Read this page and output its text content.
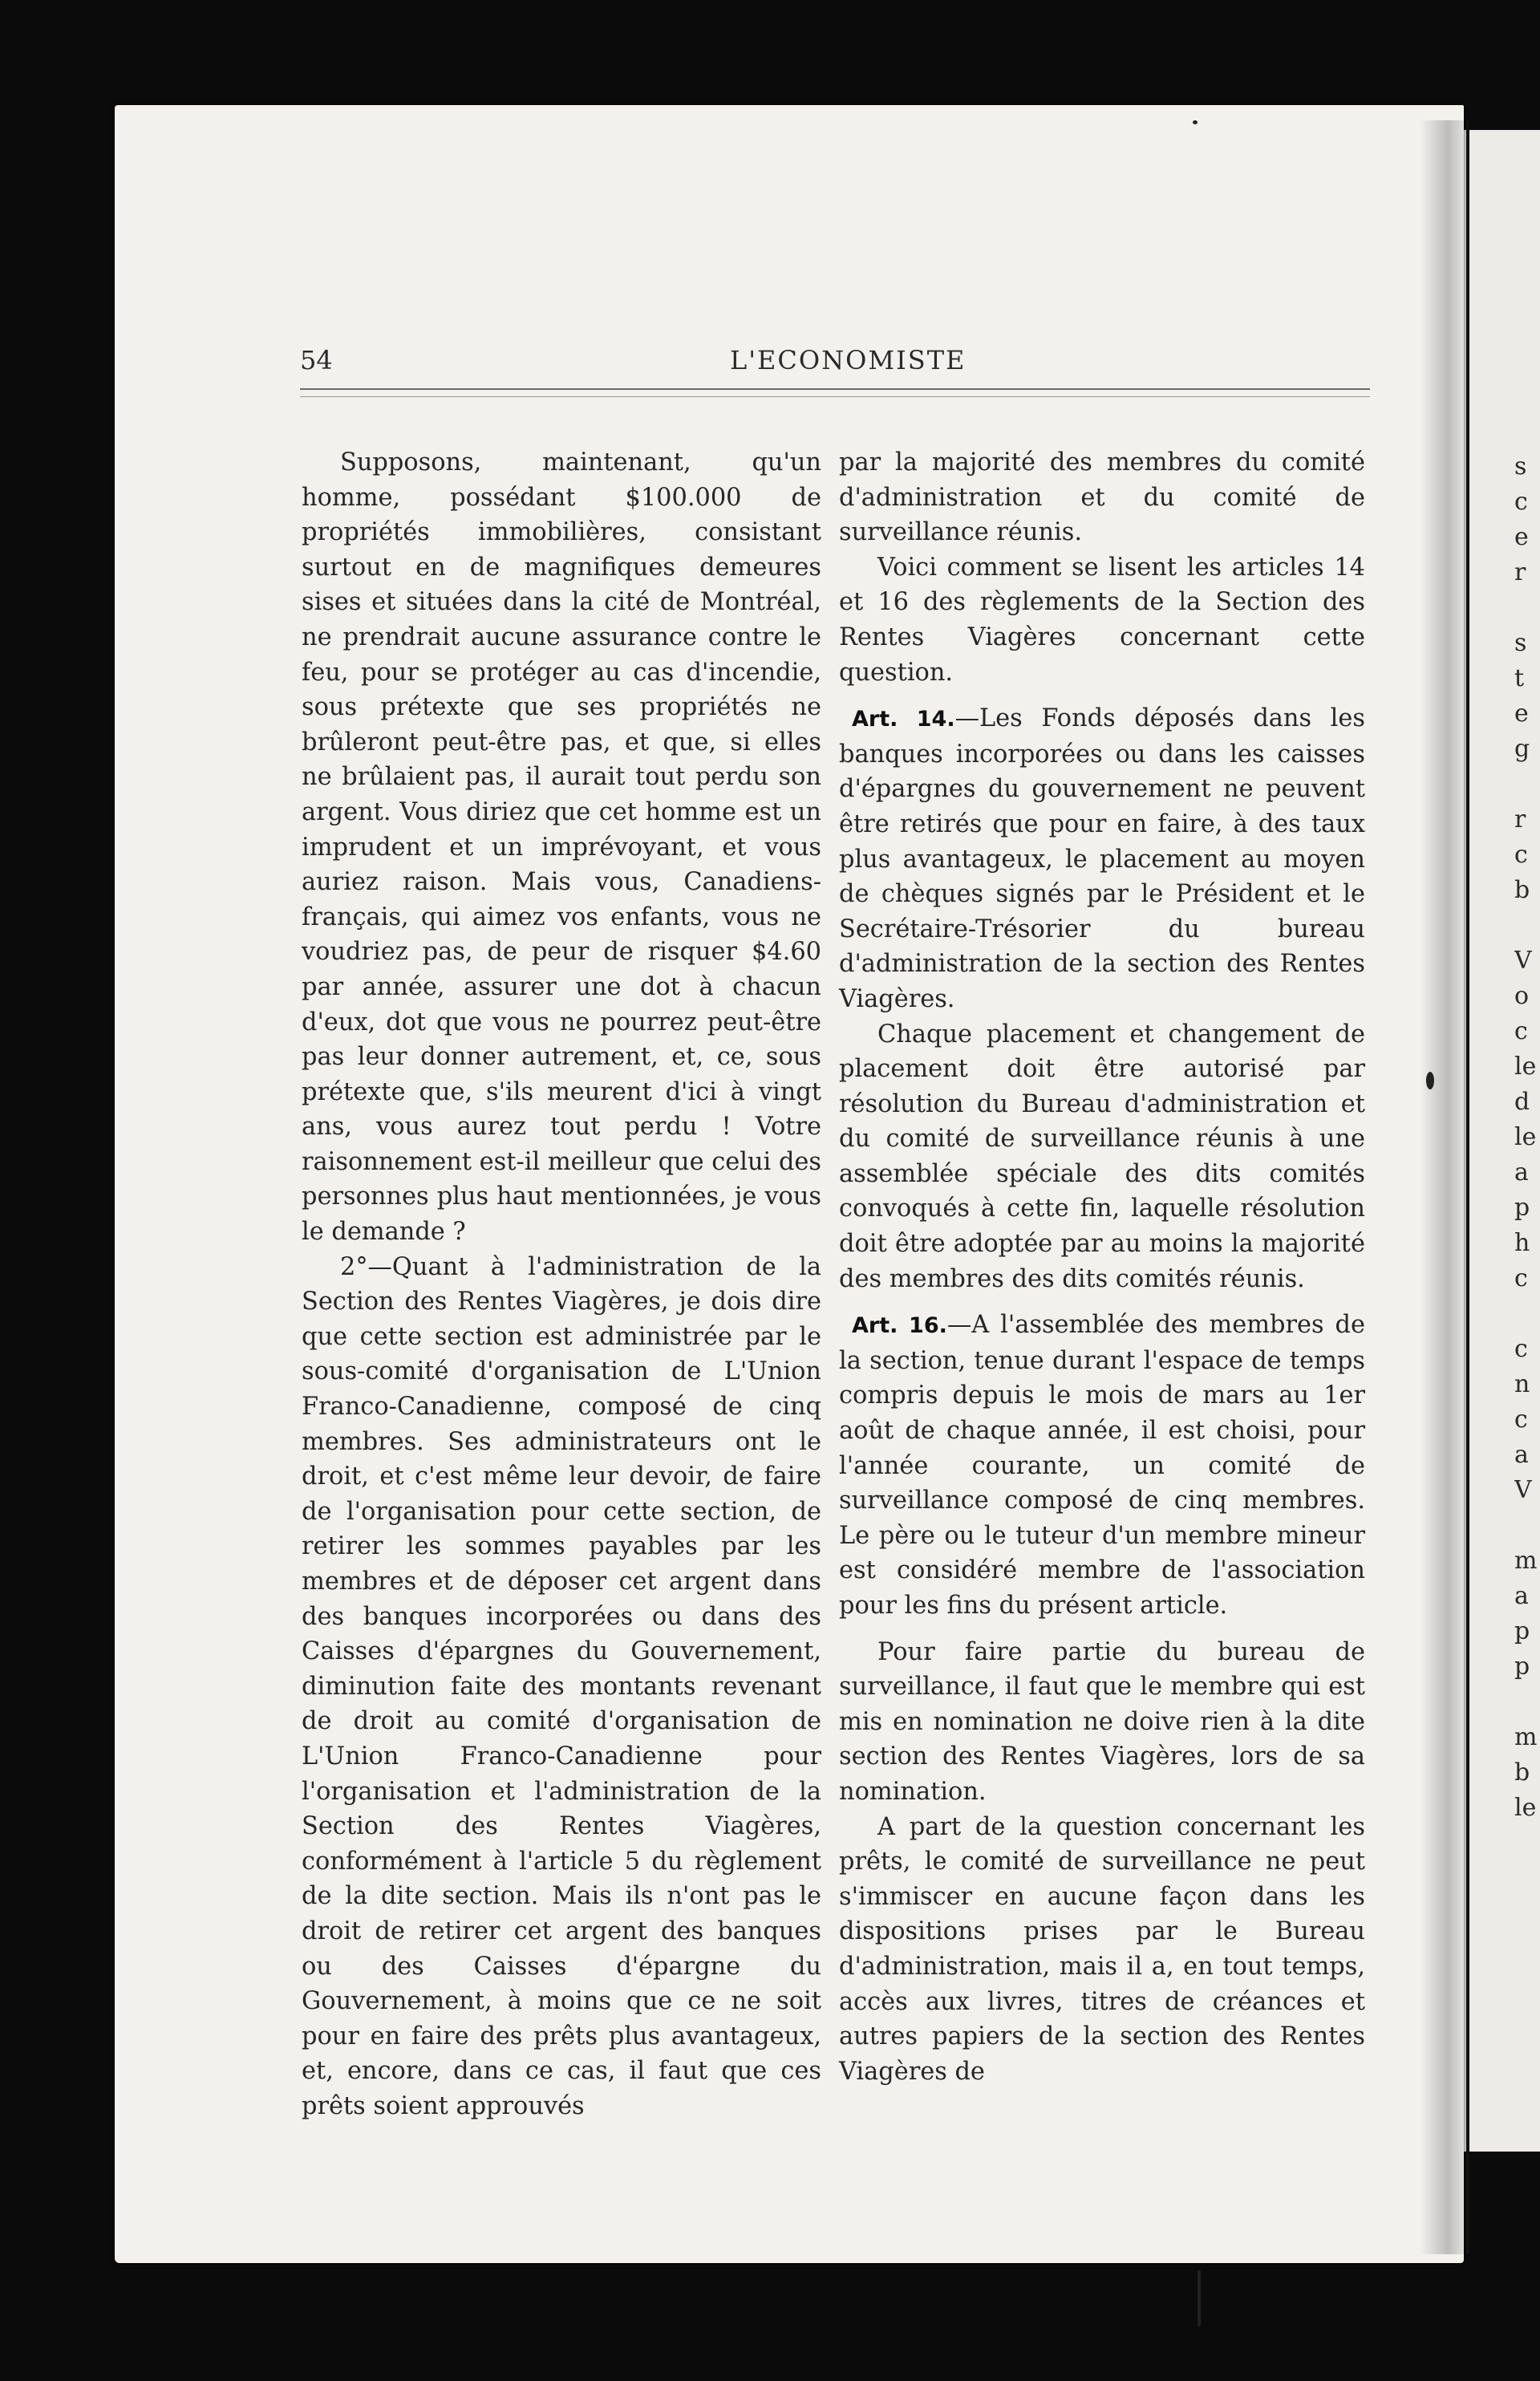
54	L'ECONOMISTE

Supposons, maintenant, qu'un homme, possédant $100.000 de propriétés immobilières, consistant surtout en de magnifiques demeures sises et situées dans la cité de Montréal, ne prendrait aucune assurance contre le feu, pour se protéger au cas d'incendie, sous prétexte que ses propriétés ne brûleront peut-être pas, et que, si elles ne brûlaient pas, il aurait tout perdu son argent. Vous diriez que cet homme est un imprudent et un imprévoyant, et vous auriez raison. Mais vous, Canadiens-français, qui aimez vos enfants, vous ne voudriez pas, de peur de risquer $4.60 par année, assurer une dot à chacun d'eux, dot que vous ne pourrez peut-être pas leur donner autrement, et, ce, sous prétexte que, s'ils meurent d'ici à vingt ans, vous aurez tout perdu ! Votre raisonnement est-il meilleur que celui des personnes plus haut mentionnées, je vous le demande ?

2°—Quant à l'administration de la Section des Rentes Viagères, je dois dire que cette section est administrée par le sous-comité d'organisation de L'Union Franco-Canadienne, composé de cinq membres. Ses administrateurs ont le droit, et c'est même leur devoir, de faire de l'organisation pour cette section, de retirer les sommes payables par les membres et de déposer cet argent dans des banques incorporées ou dans des Caisses d'épargnes du Gouvernement, diminution faite des montants revenant de droit au comité d'organisation de L'Union Franco-Canadienne pour l'organisation et l'administration de la Section des Rentes Viagères, conformément à l'article 5 du règlement de la dite section. Mais ils n'ont pas le droit de retirer cet argent des banques ou des Caisses d'épargne du Gouvernement, à moins que ce ne soit pour en faire des prêts plus avantageux, et, encore, dans ce cas, il faut que ces prêts soient approuvés

par la majorité des membres du comité d'administration et du comité de surveillance réunis.

Voici comment se lisent les articles 14 et 16 des règlements de la Section des Rentes Viagères concernant cette question.

Art. 14.—Les Fonds déposés dans les banques incorporées ou dans les caisses d'épargnes du gouvernement ne peuvent être retirés que pour en faire, à des taux plus avantageux, le placement au moyen de chèques signés par le Président et le Secrétaire-Trésorier du bureau d'administration de la section des Rentes Viagères.

Chaque placement et changement de placement doit être autorisé par résolution du Bureau d'administration et du comité de surveillance réunis à une assemblée spéciale des dits comités convoqués à cette fin, laquelle résolution doit être adoptée par au moins la majorité des membres des dits comités réunis.

Art. 16.—A l'assemblée des membres de la section, tenue durant l'espace de temps compris depuis le mois de mars au 1er août de chaque année, il est choisi, pour l'année courante, un comité de surveillance composé de cinq membres. Le père ou le tuteur d'un membre mineur est considéré membre de l'association pour les fins du présent article.

Pour faire partie du bureau de surveillance, il faut que le membre qui est mis en nomination ne doive rien à la dite section des Rentes Viagères, lors de sa nomination.

A part de la question concernant les prêts, le comité de surveillance ne peut s'immiscer en aucune façon dans les dispositions prises par le Bureau d'administration, mais il a, en tout temps, accès aux livres, titres de créances et autres papiers de la section des Rentes Viagères de

s
c
e
r
s
t
e
g
r
c
b
V
o
c
le
d
le
a
p
h
c
c
n
c
a
V
m
a
p
p
m
b
le
